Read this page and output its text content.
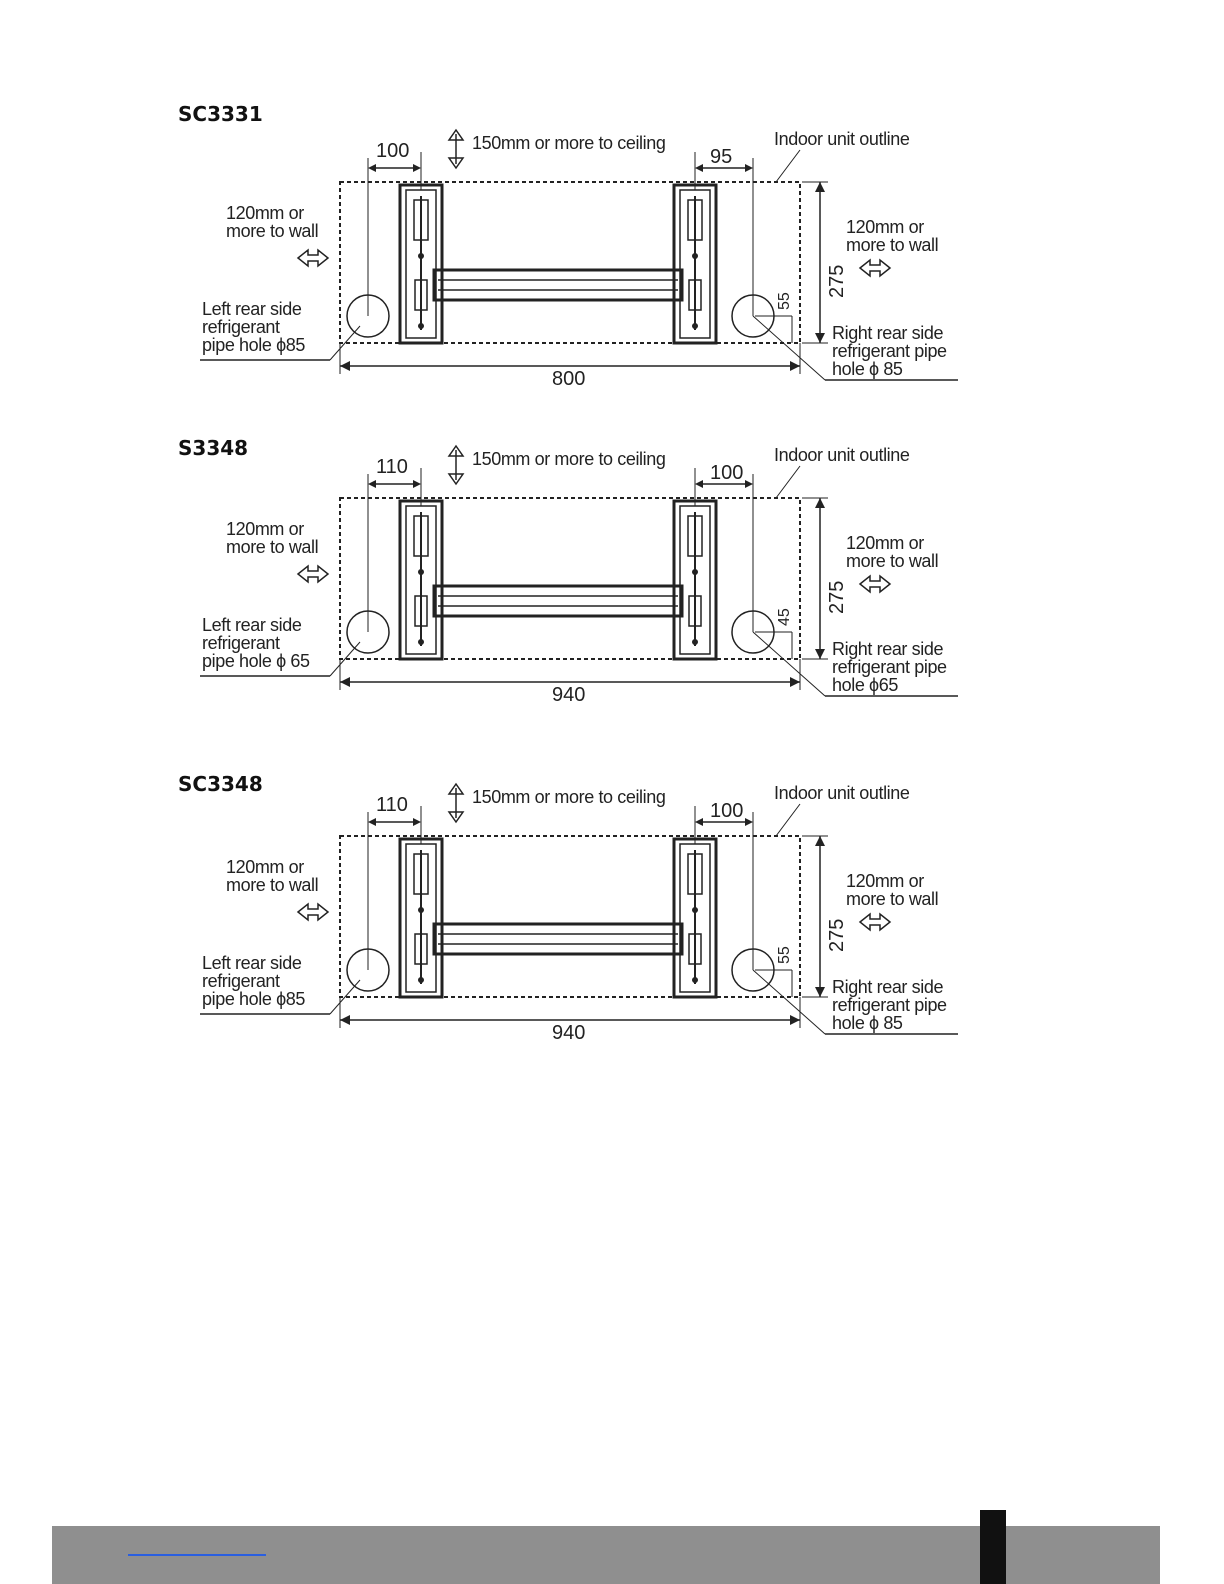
SC3331
100	95
150mm or more to ceiling	Indoor unit outline
120mm or
more to wall	120mm or
more to wall
275
55
Left rear side
refrigerant
pipe hole ϕ85
Right rear side
refrigerant pipe
hole ϕ 85
800
S3348
110	100
150mm or more to ceiling	Indoor unit outline
120mm or
more to wall	120mm or
more to wall
275
45
Left rear side
refrigerant
pipe hole ϕ 65
Right rear side
refrigerant pipe
hole ϕ65
940
SC3348
110	100
150mm or more to ceiling	Indoor unit outline
120mm or
more to wall	120mm or
more to wall
275
55
Left rear side
refrigerant
pipe hole ϕ85
Right rear side
refrigerant pipe
hole ϕ 85
940
